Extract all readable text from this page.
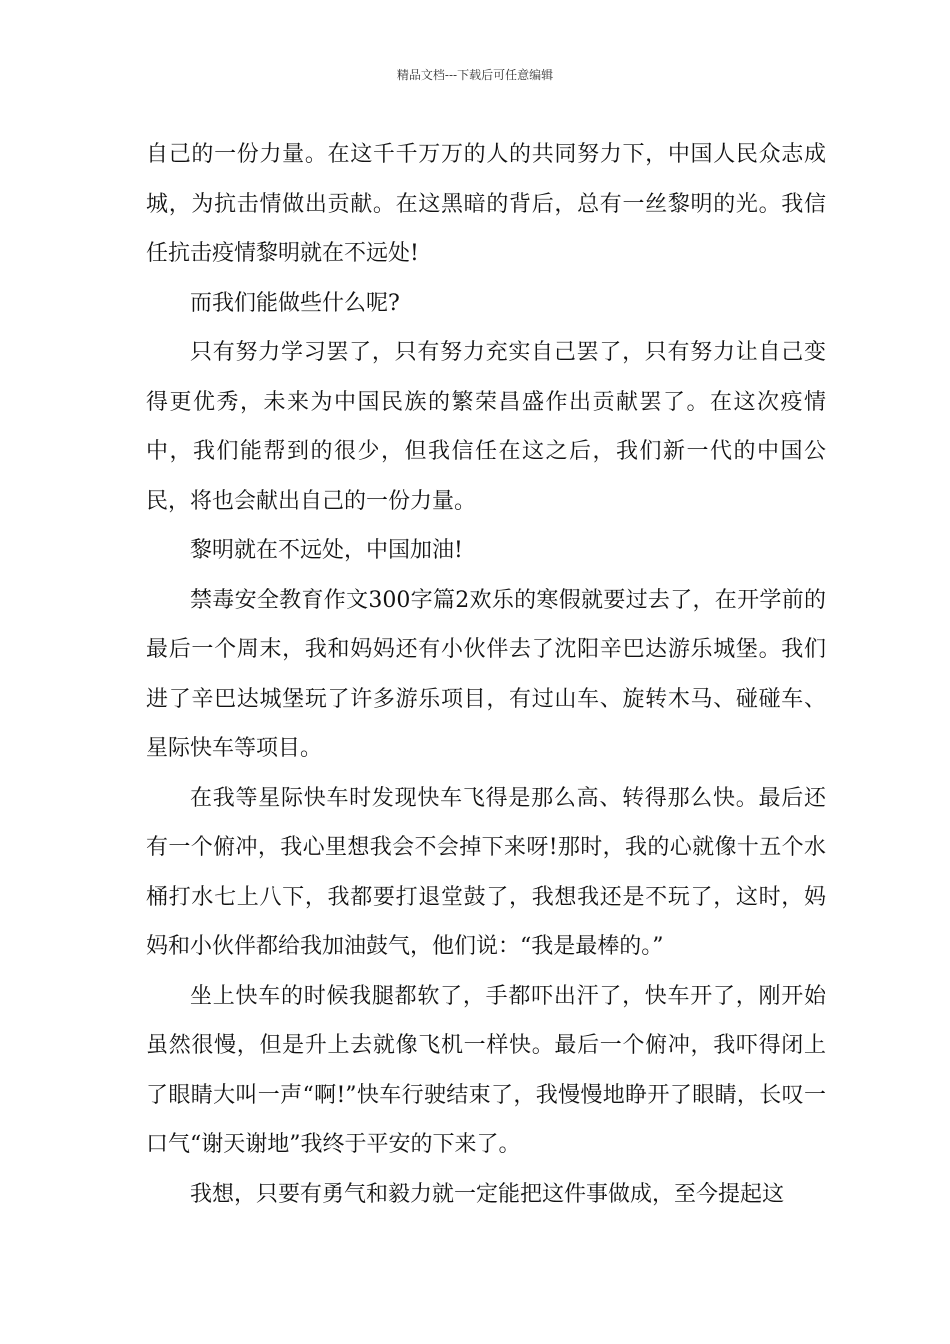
精品文档---下载后可任意编辑

自己的一份力量。在这千千万万的人的共同努力下，中国人民众志成城，为抗击情做出贡献。在这黑暗的背后，总有一丝黎明的光。我信任抗击疫情黎明就在不远处!

而我们能做些什么呢?

只有努力学习罢了，只有努力充实自己罢了，只有努力让自己变得更优秀，未来为中国民族的繁荣昌盛作出贡献罢了。在这次疫情中，我们能帮到的很少，但我信任在这之后，我们新一代的中国公民，将也会献出自己的一份力量。

黎明就在不远处，中国加油!

禁毒安全教育作文300字篇2欢乐的寒假就要过去了，在开学前的最后一个周末，我和妈妈还有小伙伴去了沈阳辛巴达游乐城堡。我们进了辛巴达城堡玩了许多游乐项目，有过山车、旋转木马、碰碰车、星际快车等项目。

在我等星际快车时发现快车飞得是那么高、转得那么快。最后还有一个俯冲，我心里想我会不会掉下来呀!那时，我的心就像十五个水桶打水七上八下，我都要打退堂鼓了，我想我还是不玩了，这时，妈妈和小伙伴都给我加油鼓气，他们说：“我是最棒的。”

坐上快车的时候我腿都软了，手都吓出汗了，快车开了，刚开始虽然很慢，但是升上去就像飞机一样快。最后一个俯冲，我吓得闭上了眼睛大叫一声“啊!”快车行驶结束了，我慢慢地睁开了眼睛，长叹一口气“谢天谢地”我终于平安的下来了。

我想，只要有勇气和毅力就一定能把这件事做成，至今提起这
